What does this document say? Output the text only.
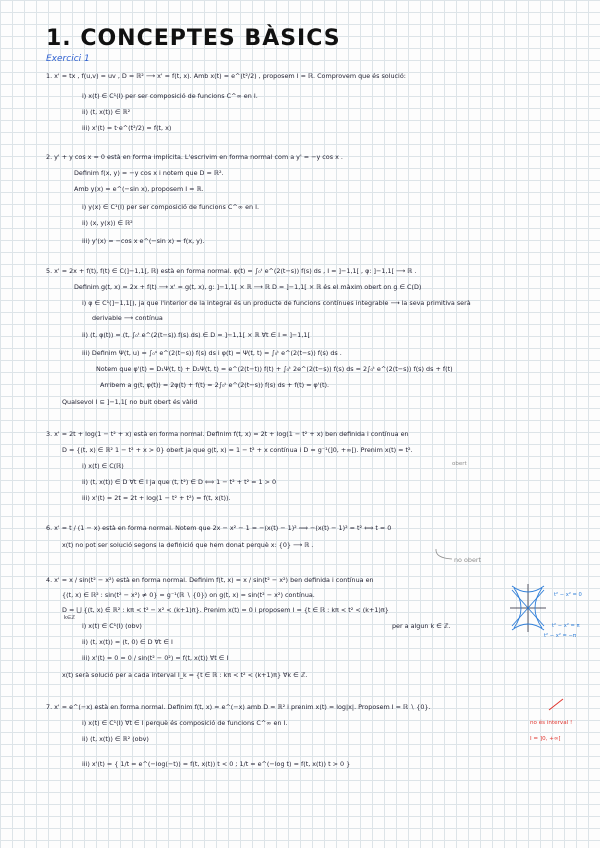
1. CONCEPTES BÀSICS
Exercici 1
1. x' = tx , f(u,v) = uv , D = ℝ² ⟶ x' = f(t, x). Amb x(t) = e^(t²/2) , proposem I = ℝ. Comprovem que és solució:
i) x(t) ∈ C¹(I) per ser composició de funcions C^∞ en I.
ii) (t, x(t)) ∈ ℝ²
iii) x'(t) = t·e^(t²/2) = f(t, x)
2. y' + y cos x = 0 està en forma implícita. L'escrivim en forma normal com a y' = −y cos x .
Definim f(x, y) = −y cos x i notem que D = ℝ².
Amb y(x) = e^(−sin x), proposem I = ℝ.
i) y(x) ∈ C¹(I) per ser composició de funcions C^∞ en I.
ii) (x, y(x)) ∈ ℝ²
iii) y'(x) = −cos x e^(−sin x) = f(x, y).
5. x' = 2x + f(t), f(t) ∈ C(]−1,1[, ℝ) està en forma normal. φ(t) = ∫₀ᵗ e^(2(t−s)) f(s) ds , I = ]−1,1[ , φ: ]−1,1[ ⟶ ℝ .
Definim g(t, x) = 2x + f(t) ⟶ x' = g(t, x), g: ]−1,1[ × ℝ ⟶ ℝ D = ]−1,1[ × ℝ és el màxim obert on g ∈ C(D)
i) φ ∈ C¹(]−1,1[), ja que l'interior de la integral és un producte de funcions contínues integrable ⟶ la seva primitiva serà
derivable ⟶ contínua
ii) (t, φ(t)) = (t, ∫₀ᵗ e^(2(t−s)) f(s) ds) ∈ D = ]−1,1[ × ℝ ∀t ∈ I = ]−1,1[
iii) Definim Ψ(t, u) = ∫₀ᵘ e^(2(t−s)) f(s) ds i φ(t) = Ψ(t, t) = ∫₀ᵗ e^(2(t−s)) f(s) ds .
Notem que φ'(t) = D₁Ψ(t, t) + D₂Ψ(t, t) = e^(2(t−t)) f(t) + ∫₀ᵗ 2e^(2(t−s)) f(s) ds = 2∫₀ᵗ e^(2(t−s)) f(s) ds + f(t)
Arribem a g(t, φ(t)) = 2φ(t) + f(t) = 2∫₀ᵗ e^(2(t−s)) f(s) ds + f(t) = φ'(t).
Qualsevol I ⊆ ]−1,1[ no buit obert és vàlid
3. x' = 2t + log(1 − t² + x) està en forma normal. Definim f(t, x) = 2t + log(1 − t² + x) ben definida i contínua en
D = {(t, x) ∈ ℝ² 1 − t² + x > 0} obert ja que g(t, x) = 1 − t² + x contínua i D = g⁻¹(]0, +∞[). Prenim x(t) = t².
obert
i) x(t) ∈ C(ℝ)
ii) (t, x(t)) ∈ D ∀t ∈ I ja que (t, t²) ∈ D ⟺ 1 − t² + t² = 1 > 0
iii) x'(t) = 2t = 2t + log(1 − t² + t²) = f(t, x(t)).
6. x' = t / (1 − x) està en forma normal. Notem que 2x − x² − 1 = −(x(t) − 1)² ⟹ −(x(t) − 1)² = t² ⟺ t = 0
x(t) no pot ser solució segons la definició que hem donat perquè x: {0} ⟶ ℝ .
no obert
4. x' = x / sin(t² − x²) està en forma normal. Definim f(t, x) = x / sin(t² − x²) ben definida i contínua en
{(t, x) ∈ ℝ² : sin(t² − x²) ≠ 0} = g⁻¹(ℝ ∖ {0}) on g(t, x) = sin(t² − x²) contínua.
D = ⋃ {(t, x) ∈ ℝ² : kπ < t² − x² < (k+1)π}. Prenim x(t) = 0 i proposem I = {t ∈ ℝ : kπ < t² < (k+1)π}
k∈ℤ
i) x(t) ∈ C¹(I) (obv)	per a algun k ∈ ℤ.
ii) (t, x(t)) = (t, 0) ∈ D ∀t ∈ I
iii) x'(t) = 0 = 0 / sin(t² − 0²) = f(t, x(t)) ∀t ∈ I
x(t) serà solució per a cada interval I_k = {t ∈ ℝ : kπ < t² < (k+1)π} ∀k ∈ ℤ.
t² − x² = 0
t² − x² = π
t² − x² = −π
7. x' = e^(−x) està en forma normal. Definim f(t, x) = e^(−x) amb D = ℝ² i prenim x(t) = log|x|. Proposem I = ℝ ∖ {0}.
i) x(t) ∈ C¹(I) ∀t ∈ I perquè és composició de funcions C^∞ en I.	no és interval !
ii) (t, x(t)) ∈ ℝ² (obv)	I = ]0, +∞[
iii) x'(t) = { 1/t = e^(−log(−t)) = f(t, x(t)) t < 0 ; 1/t = e^(−log t) = f(t, x(t)) t > 0 }
